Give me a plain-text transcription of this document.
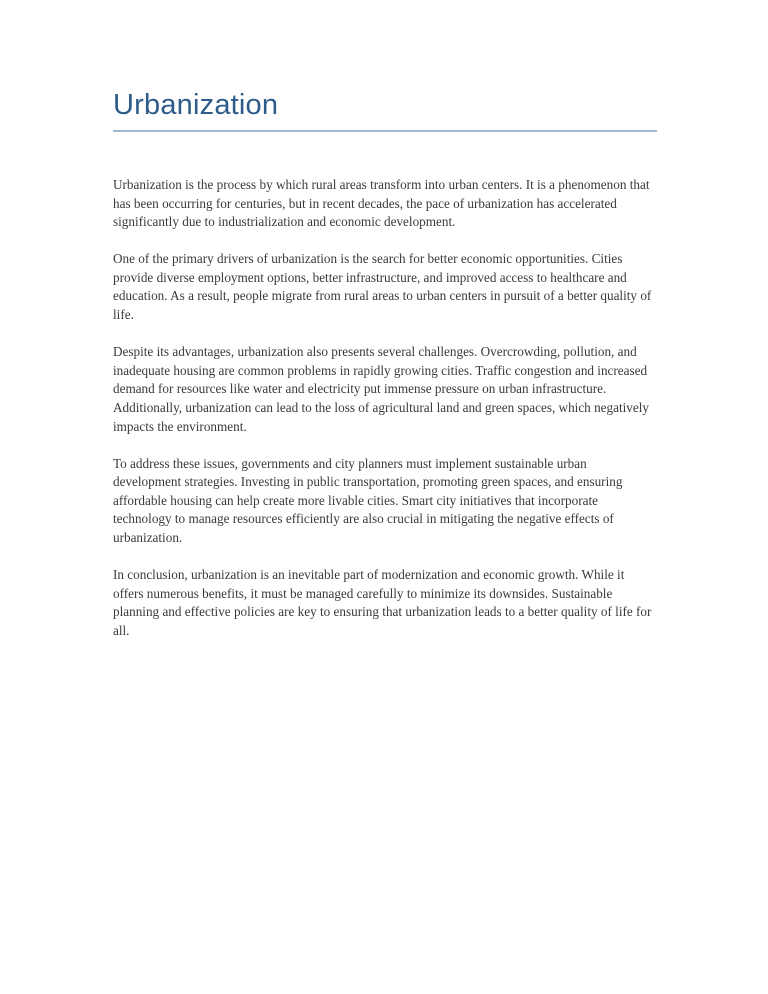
Urbanization

Urbanization is the process by which rural areas transform into urban centers. It is a phenomenon that has been occurring for centuries, but in recent decades, the pace of urbanization has accelerated significantly due to industrialization and economic development.

One of the primary drivers of urbanization is the search for better economic opportunities. Cities provide diverse employment options, better infrastructure, and improved access to healthcare and education. As a result, people migrate from rural areas to urban centers in pursuit of a better quality of life.

Despite its advantages, urbanization also presents several challenges. Overcrowding, pollution, and inadequate housing are common problems in rapidly growing cities. Traffic congestion and increased demand for resources like water and electricity put immense pressure on urban infrastructure. Additionally, urbanization can lead to the loss of agricultural land and green spaces, which negatively impacts the environment.

To address these issues, governments and city planners must implement sustainable urban development strategies. Investing in public transportation, promoting green spaces, and ensuring affordable housing can help create more livable cities. Smart city initiatives that incorporate technology to manage resources efficiently are also crucial in mitigating the negative effects of urbanization.

In conclusion, urbanization is an inevitable part of modernization and economic growth. While it offers numerous benefits, it must be managed carefully to minimize its downsides. Sustainable planning and effective policies are key to ensuring that urbanization leads to a better quality of life for all.
